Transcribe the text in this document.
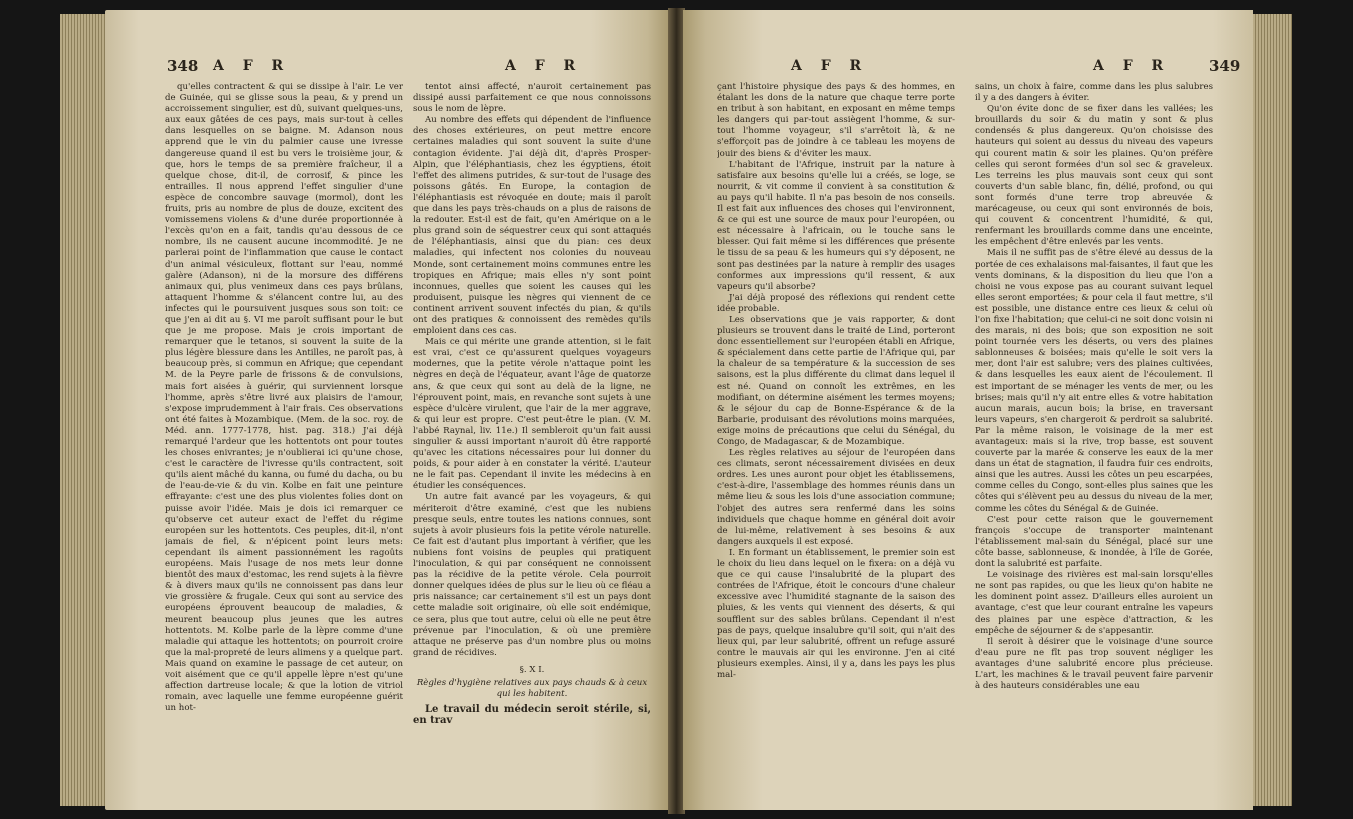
348 A F R	A F R

qu'elles contractent & qui se dissipe à l'air. Le ver de Guinée, qui se glisse sous la peau, & y prend un accroissement singulier, est dû, suivant quelques-uns, aux eaux gâtées de ces pays, mais sur-tout à celles dans lesquelles on se baigne. M. Adanson nous apprend que le vin du palmier cause une ivresse dangereuse quand il est bu vers le troisième jour, & que, hors le temps de sa première fraîcheur, il a quelque chose, dit-il, de corrosif, & pince les entrailles. Il nous apprend l'effet singulier d'une espèce de concombre sauvage (mormol), dont les fruits, pris au nombre de plus de douze, excitent des vomissemens violens & d'une durée proportionnée à l'excès qu'on en a fait, tandis qu'au dessous de ce nombre, ils ne causent aucune incommodité. Je ne parlerai point de l'inflammation que cause le contact d'un animal vésiculeux, flottant sur l'eau, nommé galère (Adanson), ni de la morsure des différens animaux qui, plus venimeux dans ces pays brûlans, attaquent l'homme & s'élancent contre lui, au des infectes qui le poursuivent jusques sous son toit: ce que j'en ai dit au §. VI me paroît suffisant pour le but que je me propose. Mais je crois important de remarquer que le tetanos, si souvent la suite de la plus légère blessure dans les Antilles, ne paroît pas, à beaucoup près, si commun en Afrique; que cependant M. de la Peyre parle de frissons & de convulsions, mais fort aisées à guérir, qui surviennent lorsque l'homme, après s'être livré aux plaisirs de l'amour, s'expose imprudemment à l'air frais. Ces observations ont été faites à Mozambique. (Mem. de la soc. roy. de Méd. ann. 1777-1778, hist. pag. 318.) J'ai déjà remarqué l'ardeur que les hottentots ont pour toutes les choses enivrantes; je n'oublierai ici qu'une chose, c'est le caractère de l'ivresse qu'ils contractent, soit qu'ils aient mâché du kanna, ou fumé du dacha, ou bu de l'eau-de-vie & du vin. Kolbe en fait une peinture effrayante: c'est une des plus violentes folies dont on puisse avoir l'idée. Mais je dois ici remarquer ce qu'observe cet auteur exact de l'effet du régime européen sur les hottentots. Ces peuples, dit-il, n'ont jamais de fiel, & n'épicent point leurs mets: cependant ils aiment passionnément les ragoûts européens. Mais l'usage de nos mets leur donne bientôt des maux d'estomac, les rend sujets à la fièvre & à divers maux qu'ils ne connoissent pas dans leur vie grossière & frugale. Ceux qui sont au service des européens éprouvent beaucoup de maladies, & meurent beaucoup plus jeunes que les autres hottentots. M. Kolbe parle de la lèpre comme d'une maladie qui attaque les hottentots; on pourroit croire que la mal-propreté de leurs alimens y a quelque part. Mais quand on examine le passage de cet auteur, on voit aisément que ce qu'il appelle lèpre n'est qu'une affection dartreuse locale; & que la lotion de vitriol romain, avec laquelle une femme européenne guérit un hot-

tentot ainsi affecté, n'auroit certainement pas dissipé aussi parfaitement ce que nous connoissons sous le nom de lèpre.

Au nombre des effets qui dépendent de l'influence des choses extérieures, on peut mettre encore certaines maladies qui sont souvent la suite d'une contagion évidente. J'ai déjà dit, d'après Prosper-Alpin, que l'éléphantiasis, chez les égyptiens, étoit l'effet des alimens putrides, & sur-tout de l'usage des poissons gâtés. En Europe, la contagion de l'éléphantiasis est révoquée en doute; mais il paroît que dans les pays très-chauds on a plus de raisons de la redouter. Est-il est de fait, qu'en Amérique on a le plus grand soin de séquestrer ceux qui sont attaqués de l'éléphantiasis, ainsi que du pian: ces deux maladies, qui infectent nos colonies du nouveau Monde, sont certainement moins communes entre les tropiques en Afrique; mais elles n'y sont point inconnues, quelles que soient les causes qui les produisent, puisque les nègres qui viennent de ce continent arrivent souvent infectés du pian, & qu'ils ont des pratiques & connoissent des remèdes qu'ils emploient dans ces cas.

Mais ce qui mérite une grande attention, si le fait est vrai, c'est ce qu'assurent quelques voyageurs modernes, que la petite vérole n'attaque point les nègres en deçà de l'équateur, avant l'âge de quatorze ans, & que ceux qui sont au delà de la ligne, ne l'éprouvent point, mais, en revanche sont sujets à une espèce d'ulcère virulent, que l'air de la mer aggrave, & qui leur est propre. C'est peut-être le pian. (V. M. l'abbé Raynal, liv. 11e.) Il sembleroit qu'un fait aussi singulier & aussi important n'auroit dû être rapporté qu'avec les citations nécessaires pour lui donner du poids, & pour aider à en constater la vérité. L'auteur ne le fait pas. Cependant il invite les médecins à en étudier les conséquences.

Un autre fait avancé par les voyageurs, & qui mériteroit d'être examiné, c'est que les nubiens presque seuls, entre toutes les nations connues, sont sujets à avoir plusieurs fois la petite vérole naturelle. Ce fait est d'autant plus important à vérifier, que les nubiens font voisins de peuples qui pratiquent l'inoculation, & qui par conséquent ne connoissent pas la récidive de la petite vérole. Cela pourroit donner quelques idées de plus sur le lieu où ce fléau a pris naissance; car certainement s'il est un pays dont cette maladie soit originaire, où elle soit endémique, ce sera, plus que tout autre, celui où elle ne peut être prévenue par l'inoculation, & où une première attaque ne préserve pas d'un nombre plus ou moins grand de récidives.

§. X I.

Règles d'hygiène relatives aux pays chauds & à ceux qui les habitent.

Le travail du médecin seroit stérile, si, en trav

A F R	A F R	349

çant l'histoire physique des pays & des hommes, en étalant les dons de la nature que chaque terre porte en tribut à son habitant, en exposant en même temps les dangers qui par-tout assiègent l'homme, & sur-tout l'homme voyageur, s'il s'arrêtoit là, & ne s'efforçoit pas de joindre à ce tableau les moyens de jouir des biens & d'éviter les maux.

L'habitant de l'Afrique, instruit par la nature à satisfaire aux besoins qu'elle lui a créés, se loge, se nourrit, & vit comme il convient à sa constitution & au pays qu'il habite. Il n'a pas besoin de nos conseils. Il est fait aux influences des choses qui l'environnent, & ce qui est une source de maux pour l'européen, ou est nécessaire à l'africain, ou le touche sans le blesser. Qui fait même si les différences que présente le tissu de sa peau & les humeurs qui s'y déposent, ne sont pas destinées par la nature à remplir des usages conformes aux impressions qu'il ressent, & aux vapeurs qu'il absorbe?

J'ai déjà proposé des réflexions qui rendent cette idée probable.

Les observations que je vais rapporter, & dont plusieurs se trouvent dans le traité de Lind, porteront donc essentiellement sur l'européen établi en Afrique, & spécialement dans cette partie de l'Afrique qui, par la chaleur de sa température & la succession de ses saisons, est la plus différente du climat dans lequel il est né. Quand on connoît les extrêmes, en les modifiant, on détermine aisément les termes moyens; & le séjour du cap de Bonne-Espérance & de la Barbarie, produisant des révolutions moins marquées, exige moins de précautions que celui du Sénégal, du Congo, de Madagascar, & de Mozambique.

Les règles relatives au séjour de l'européen dans ces climats, seront nécessairement divisées en deux ordres. Les unes auront pour objet les établissemens, c'est-à-dire, l'assemblage des hommes réunis dans un même lieu & sous les lois d'une association commune; l'objet des autres sera renfermé dans les soins individuels que chaque homme en général doit avoir de lui-même, relativement à ses besoins & aux dangers auxquels il est exposé.

I. En formant un établissement, le premier soin est le choix du lieu dans lequel on le fixera: on a déjà vu que ce qui cause l'insalubrité de la plupart des contrées de l'Afrique, étoit le concours d'une chaleur excessive avec l'humidité stagnante de la saison des pluies, & les vents qui viennent des déserts, & qui soufflent sur des sables brûlans. Cependant il n'est pas de pays, quelque insalubre qu'il soit, qui n'ait des lieux qui, par leur salubrité, offrent un refuge assuré contre le mauvais air qui les environne. J'en ai cité plusieurs exemples. Ainsi, il y a, dans les pays les plus mal-

sains, un choix à faire, comme dans les plus salubres il y a des dangers à éviter.

Qu'on évite donc de se fixer dans les vallées; les brouillards du soir & du matin y sont & plus condensés & plus dangereux. Qu'on choisisse des hauteurs qui soient au dessus du niveau des vapeurs qui courent matin & soir les plaines. Qu'on préfère celles qui seront formées d'un sol sec & graveleux. Les terreins les plus mauvais sont ceux qui sont couverts d'un sable blanc, fin, délié, profond, ou qui sont formés d'une terre trop abreuvée & marécageuse, ou ceux qui sont environnés de bois, qui couvent & concentrent l'humidité, & qui, renfermant les brouillards comme dans une enceinte, les empêchent d'être enlevés par les vents.

Mais il ne suffit pas de s'être élevé au dessus de la portée de ces exhalaisons mal-faisantes, il faut que les vents dominans, & la disposition du lieu que l'on a choisi ne vous expose pas au courant suivant lequel elles seront emportées; & pour cela il faut mettre, s'il est possible, une distance entre ces lieux & celui où l'on fixe l'habitation; que celui-ci ne soit donc voisin ni des marais, ni des bois; que son exposition ne soit point tournée vers les déserts, ou vers des plaines sablonneuses & boisées; mais qu'elle le soit vers la mer, dont l'air est salubre; vers des plaines cultivées, & dans lesquelles les eaux aient de l'écoulement. Il est important de se ménager les vents de mer, ou les brises; mais qu'il n'y ait entre elles & votre habitation aucun marais, aucun bois; la brise, en traversant leurs vapeurs, s'en chargeroit & perdroit sa salubrité. Par la même raison, le voisinage de la mer est avantageux: mais si la rive, trop basse, est souvent couverte par la marée & conserve les eaux de la mer dans un état de stagnation, il faudra fuir ces endroits, ainsi que les autres. Aussi les côtes un peu escarpées, comme celles du Congo, sont-elles plus saines que les côtes qui s'élèvent peu au dessus du niveau de la mer, comme les côtes du Sénégal & de Guinée.

C'est pour cette raison que le gouvernement françois s'occupe de transporter maintenant l'établissement mal-sain du Sénégal, placé sur une côte basse, sablonneuse, & inondée, à l'île de Gorée, dont la salubrité est parfaite.

Le voisinage des rivières est mal-sain lorsqu'elles ne sont pas rapides, ou que les lieux qu'on habite ne les dominent point assez. D'ailleurs elles auroient un avantage, c'est que leur courant entraîne les vapeurs des plaines par une espèce d'attraction, & les empêche de séjourner & de s'appesantir.

Il seroit à désirer que le voisinage d'une source d'eau pure ne fît pas trop souvent négliger les avantages d'une salubrité encore plus précieuse. L'art, les machines & le travail peuvent faire parvenir à des hauteurs considérables une eau
